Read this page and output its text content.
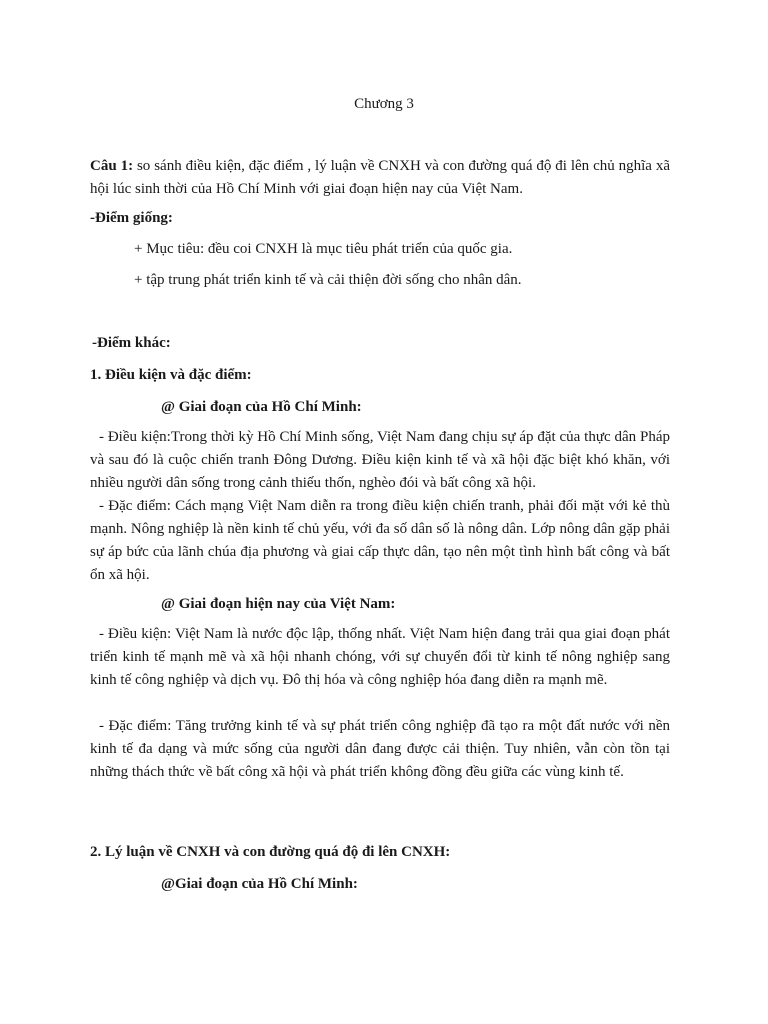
Chương 3
Câu 1: so sánh điều kiện, đặc điểm , lý luận về CNXH và con đường quá độ đi lên chủ nghĩa xã hội lúc sinh thời của Hồ Chí Minh với giai đoạn hiện nay của Việt Nam.
-Điểm giống:
+ Mục tiêu: đều coi CNXH là mục tiêu phát triển của quốc gia.
+ tập trung phát triển kinh tế và cải thiện đời sống cho nhân dân.
-Điểm khác:
1. Điều kiện và đặc điểm:
@ Giai đoạn của Hồ Chí Minh:
- Điều kiện:Trong thời kỳ Hồ Chí Minh sống, Việt Nam đang chịu sự áp đặt của thực dân Pháp và sau đó là cuộc chiến tranh Đông Dương. Điều kiện kinh tế và xã hội đặc biệt khó khăn, với nhiều người dân sống trong cảnh thiếu thốn, nghèo đói và bất công xã hội.
- Đặc điểm: Cách mạng Việt Nam diễn ra trong điều kiện chiến tranh, phải đối mặt với kẻ thù mạnh. Nông nghiệp là nền kinh tế chủ yếu, với đa số dân số là nông dân. Lớp nông dân gặp phải sự áp bức của lãnh chúa địa phương và giai cấp thực dân, tạo nên một tình hình bất công và bất ổn xã hội.
@ Giai đoạn hiện nay của Việt Nam:
- Điều kiện: Việt Nam là nước độc lập, thống nhất. Việt Nam hiện đang trải qua giai đoạn phát triển kinh tế mạnh mẽ và xã hội nhanh chóng, với sự chuyển đổi từ kinh tế nông nghiệp sang kinh tế công nghiệp và dịch vụ. Đô thị hóa và công nghiệp hóa đang diễn ra mạnh mẽ.
- Đặc điểm: Tăng trưởng kinh tế và sự phát triển công nghiệp đã tạo ra một đất nước với nền kinh tế đa dạng và mức sống của người dân đang được cải thiện. Tuy nhiên, vẫn còn tồn tại những thách thức về bất công xã hội và phát triển không đồng đều giữa các vùng kinh tế.
2. Lý luận về CNXH và con đường quá độ đi lên CNXH:
@Giai đoạn của Hồ Chí Minh:
